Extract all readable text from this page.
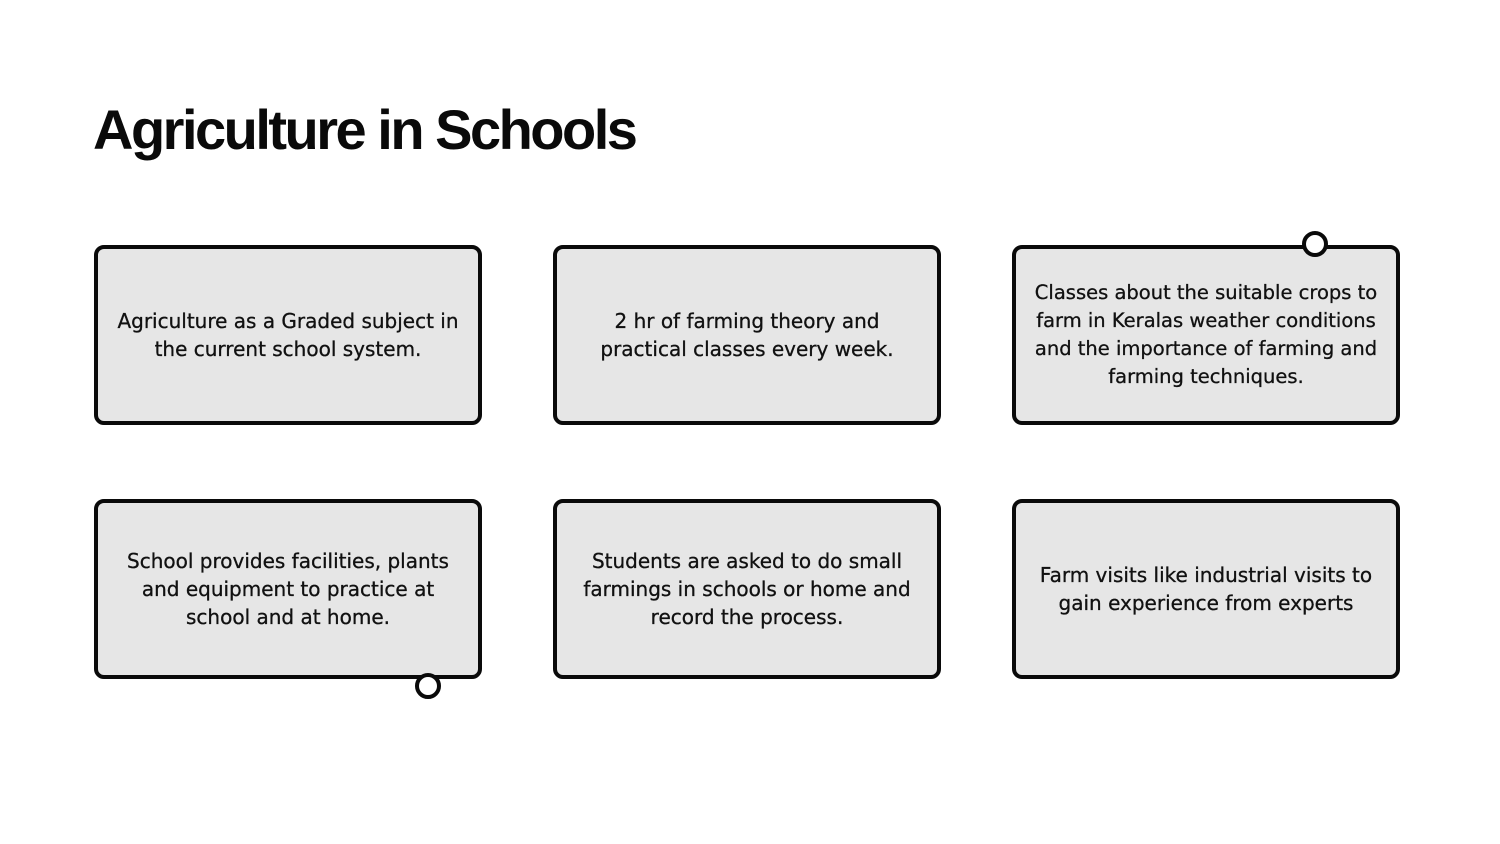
Agriculture in Schools
Agriculture as a Graded subject in the current school system.
2 hr of farming theory and practical classes every week.
Classes about the suitable crops to farm in Keralas weather conditions and the importance of farming and farming techniques.
School provides facilities, plants and equipment to practice at school and at home.
Students are asked to do small farmings in schools or home and record the process.
Farm visits like industrial visits to gain experience from experts
